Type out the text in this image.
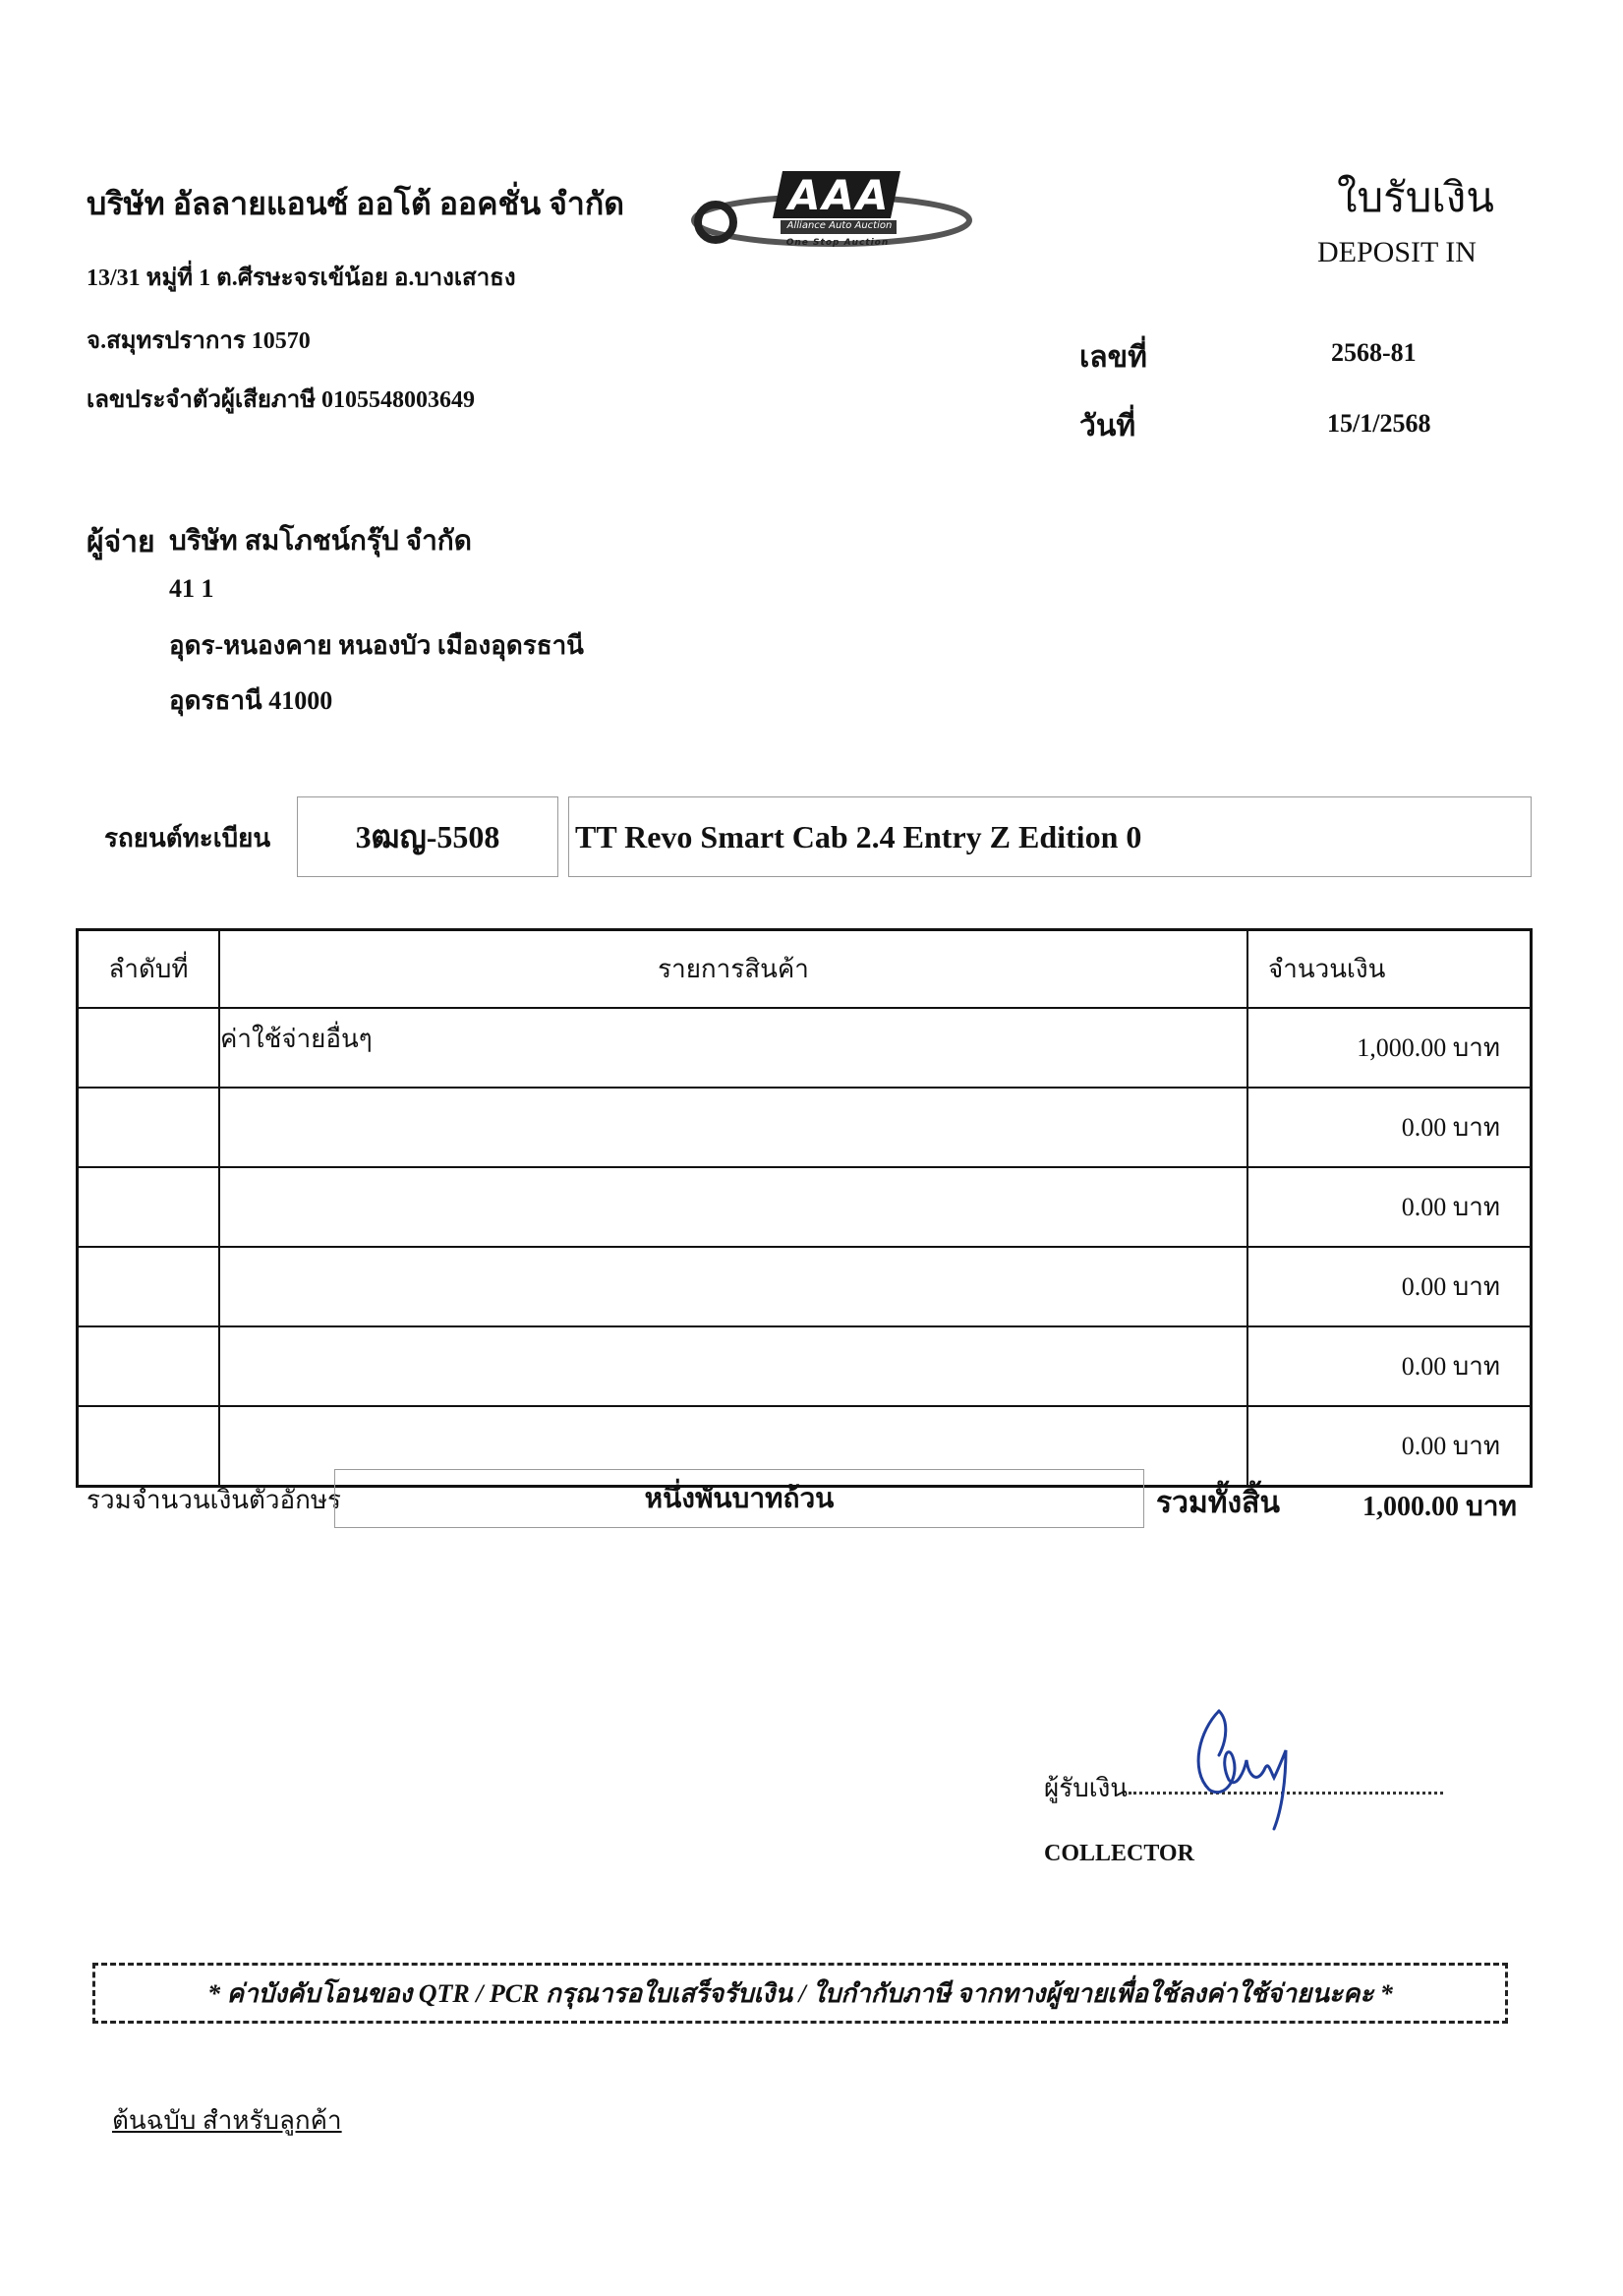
บริษัท อัลลายแอนซ์ ออโต้ ออคชั่น จำกัด
13/31 หมู่ที่ 1 ต.ศีรษะจรเข้น้อย อ.บางเสาธง
จ.สมุทรปราการ 10570
เลขประจำตัวผู้เสียภาษี 0105548003649
AAA
Alliance Auto Auction
One Stop Auction
ใบรับเงิน
DEPOSIT IN
เลขที่	2568-81
วันที่	15/1/2568
ผู้จ่าย บริษัท สมโภชน์กรุ๊ป จำกัด
41 1
อุดร-หนองคาย หนองบัว เมืองอุดรธานี
อุดรธานี 41000
รถยนต์ทะเบียน	3ฒญ-5508 TT Revo Smart Cab 2.4 Entry Z Edition 0
ลำดับที่	รายการสินค้า	จำนวนเงิน
	ค่าใช้จ่ายอื่นๆ	1,000.00 บาท
		0.00 บาท
		0.00 บาท
		0.00 บาท
		0.00 บาท
		0.00 บาท
รวมจำนวนเงินตัวอักษร	หนึ่งพันบาทถ้วน	รวมทั้งสิ้น	1,000.00 บาท
ผู้รับเงิน
COLLECTOR
* ค่าบังคับโอนของ QTR / PCR กรุณารอใบเสร็จรับเงิน / ใบกำกับภาษี จากทางผู้ขายเพื่อใช้ลงค่าใช้จ่ายนะคะ *
ต้นฉบับ สำหรับลูกค้า
